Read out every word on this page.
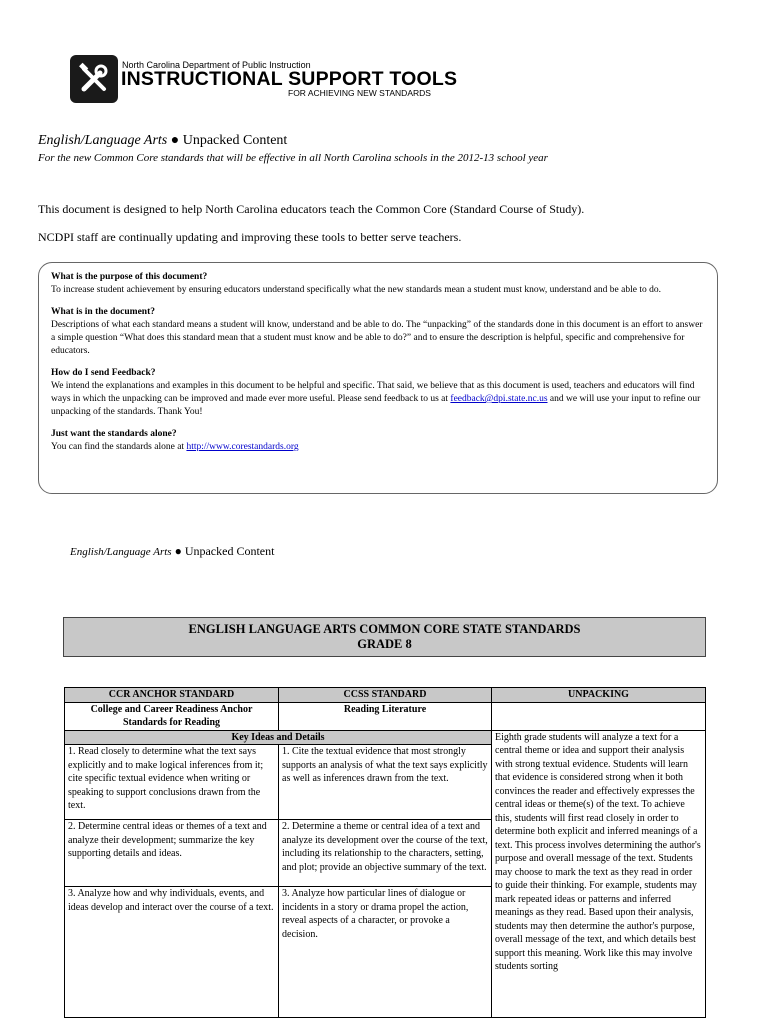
North Carolina Department of Public Instruction
INSTRUCTIONAL SUPPORT TOOLS
FOR ACHIEVING NEW STANDARDS
English/Language Arts ● Unpacked Content
For the new Common Core standards that will be effective in all North Carolina schools in the 2012-13 school year
This document is designed to help North Carolina educators teach the Common Core (Standard Course of Study).
NCDPI staff are continually updating and improving these tools to better serve teachers.
What is the purpose of this document?
To increase student achievement by ensuring educators understand specifically what the new standards mean a student must know, understand and be able to do.
What is in the document?
Descriptions of what each standard means a student will know, understand and be able to do. The “unpacking” of the standards done in this document is an effort to answer a simple question “What does this standard mean that a student must know and be able to do?” and to ensure the description is helpful, specific and comprehensive for educators.
How do I send Feedback?
We intend the explanations and examples in this document to be helpful and specific. That said, we believe that as this document is used, teachers and educators will find ways in which the unpacking can be improved and made ever more useful. Please send feedback to us at feedback@dpi.state.nc.us and we will use your input to refine our unpacking of the standards. Thank You!
Just want the standards alone?
You can find the standards alone at http://www.corestandards.org
English/Language Arts ● Unpacked Content
ENGLISH LANGUAGE ARTS COMMON CORE STATE STANDARDS
GRADE 8
CCR ANCHOR STANDARD	CCSS STANDARD	UNPACKING
College and Career Readiness Anchor Standards for Reading	Reading Literature	
Key Ideas and Details		Eighth grade students will analyze a text for a central theme or idea and support their analysis with strong textual evidence. Students will learn that evidence is considered strong when it both convinces the reader and effectively expresses the central ideas or theme(s) of the text. To achieve this, students will first read closely in order to determine both explicit and inferred meanings of a text. This process involves determining the author's purpose and overall message of the text. Students may choose to mark the text as they read in order to guide their thinking. For example, students may mark repeated ideas or patterns and inferred meanings as they read. Based upon their analysis, students may then determine the author's purpose, overall message of the text, and which details best support this meaning. Work like this may involve students sorting
1. Read closely to determine what the text says explicitly and to make logical inferences from it; cite specific textual evidence when writing or speaking to support conclusions drawn from the text.	1. Cite the textual evidence that most strongly supports an analysis of what the text says explicitly as well as inferences drawn from the text.	
2. Determine central ideas or themes of a text and analyze their development; summarize the key supporting details and ideas.	2. Determine a theme or central idea of a text and analyze its development over the course of the text, including its relationship to the characters, setting, and plot; provide an objective summary of the text.	
3. Analyze how and why individuals, events, and ideas develop and interact over the course of a text.	3. Analyze how particular lines of dialogue or incidents in a story or drama propel the action, reveal aspects of a character, or provoke a decision.	
